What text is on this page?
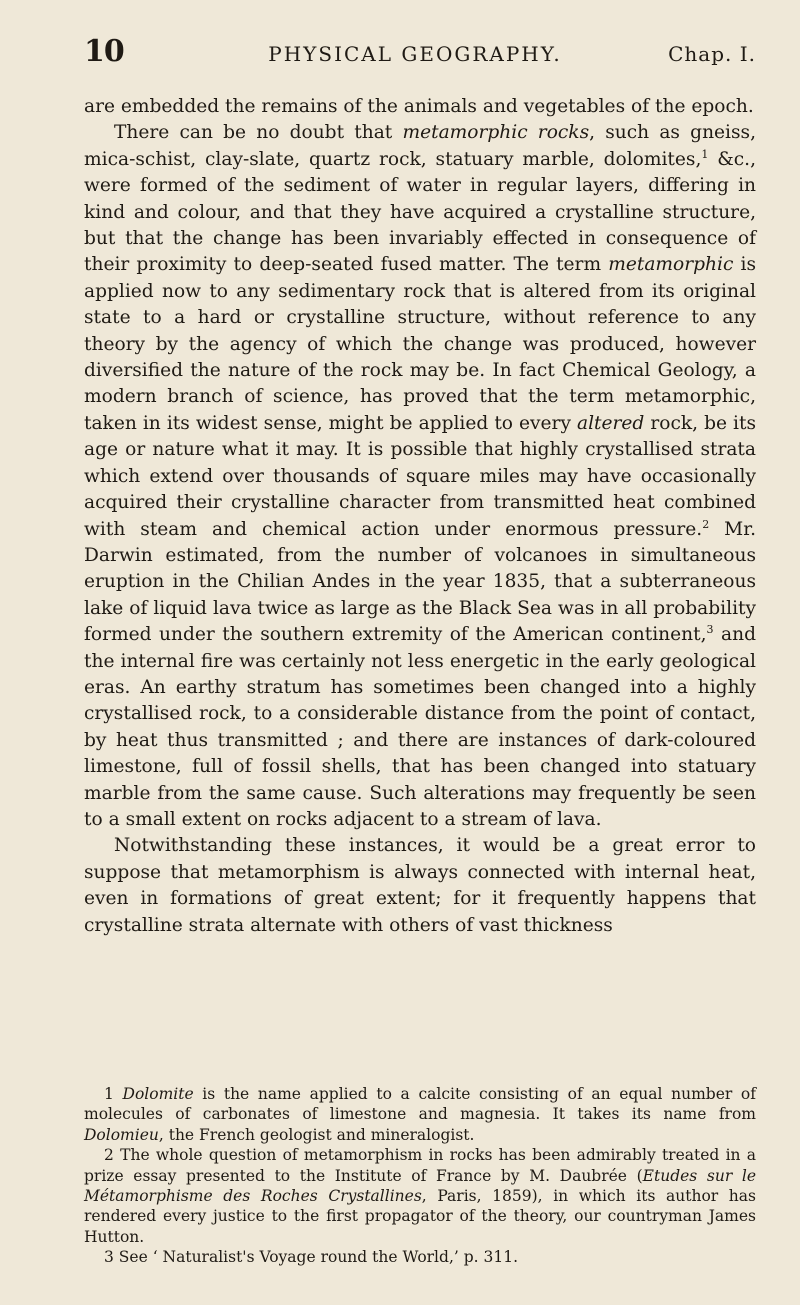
10	PHYSICAL GEOGRAPHY.	Chap. I.

are embedded the remains of the animals and vegetables of the epoch.

There can be no doubt that metamorphic rocks, such as gneiss, mica-schist, clay-slate, quartz rock, statuary marble, dolomites,$^1$ &c., were formed of the sediment of water in regular layers, differing in kind and colour, and that they have acquired a crystalline structure, but that the change has been invariably effected in consequence of their proximity to deep-seated fused matter. The term metamorphic is applied now to any sedimentary rock that is altered from its original state to a hard or crystalline structure, without reference to any theory by the agency of which the change was produced, however diversified the nature of the rock may be. In fact Chemical Geology, a modern branch of science, has proved that the term metamorphic, taken in its widest sense, might be applied to every altered rock, be its age or nature what it may. It is possible that highly crystallised strata which extend over thousands of square miles may have occasionally acquired their crystalline character from transmitted heat combined with steam and chemical action under enormous pressure.$^2$ Mr. Darwin estimated, from the number of volcanoes in simultaneous eruption in the Chilian Andes in the year 1835, that a subterraneous lake of liquid lava twice as large as the Black Sea was in all probability formed under the southern extremity of the American continent,$^3$ and the internal fire was certainly not less energetic in the early geological eras. An earthy stratum has sometimes been changed into a highly crystallised rock, to a considerable distance from the point of contact, by heat thus transmitted ; and there are instances of dark-coloured limestone, full of fossil shells, that has been changed into statuary marble from the same cause. Such alterations may frequently be seen to a small extent on rocks adjacent to a stream of lava.

Notwithstanding these instances, it would be a great error to suppose that metamorphism is always connected with internal heat, even in formations of great extent; for it frequently happens that crystalline strata alternate with others of vast thickness

1 Dolomite is the name applied to a calcite consisting of an equal number of molecules of carbonates of limestone and magnesia. It takes its name from Dolomieu, the French geologist and mineralogist.

2 The whole question of metamorphism in rocks has been admirably treated in a prize essay presented to the Institute of France by M. Daubrée (Etudes sur le Métamorphisme des Roches Crystallines, Paris, 1859), in which its author has rendered every justice to the first propagator of the theory, our countryman James Hutton.

3 See ‘ Naturalist's Voyage round the World,’ p. 311.
